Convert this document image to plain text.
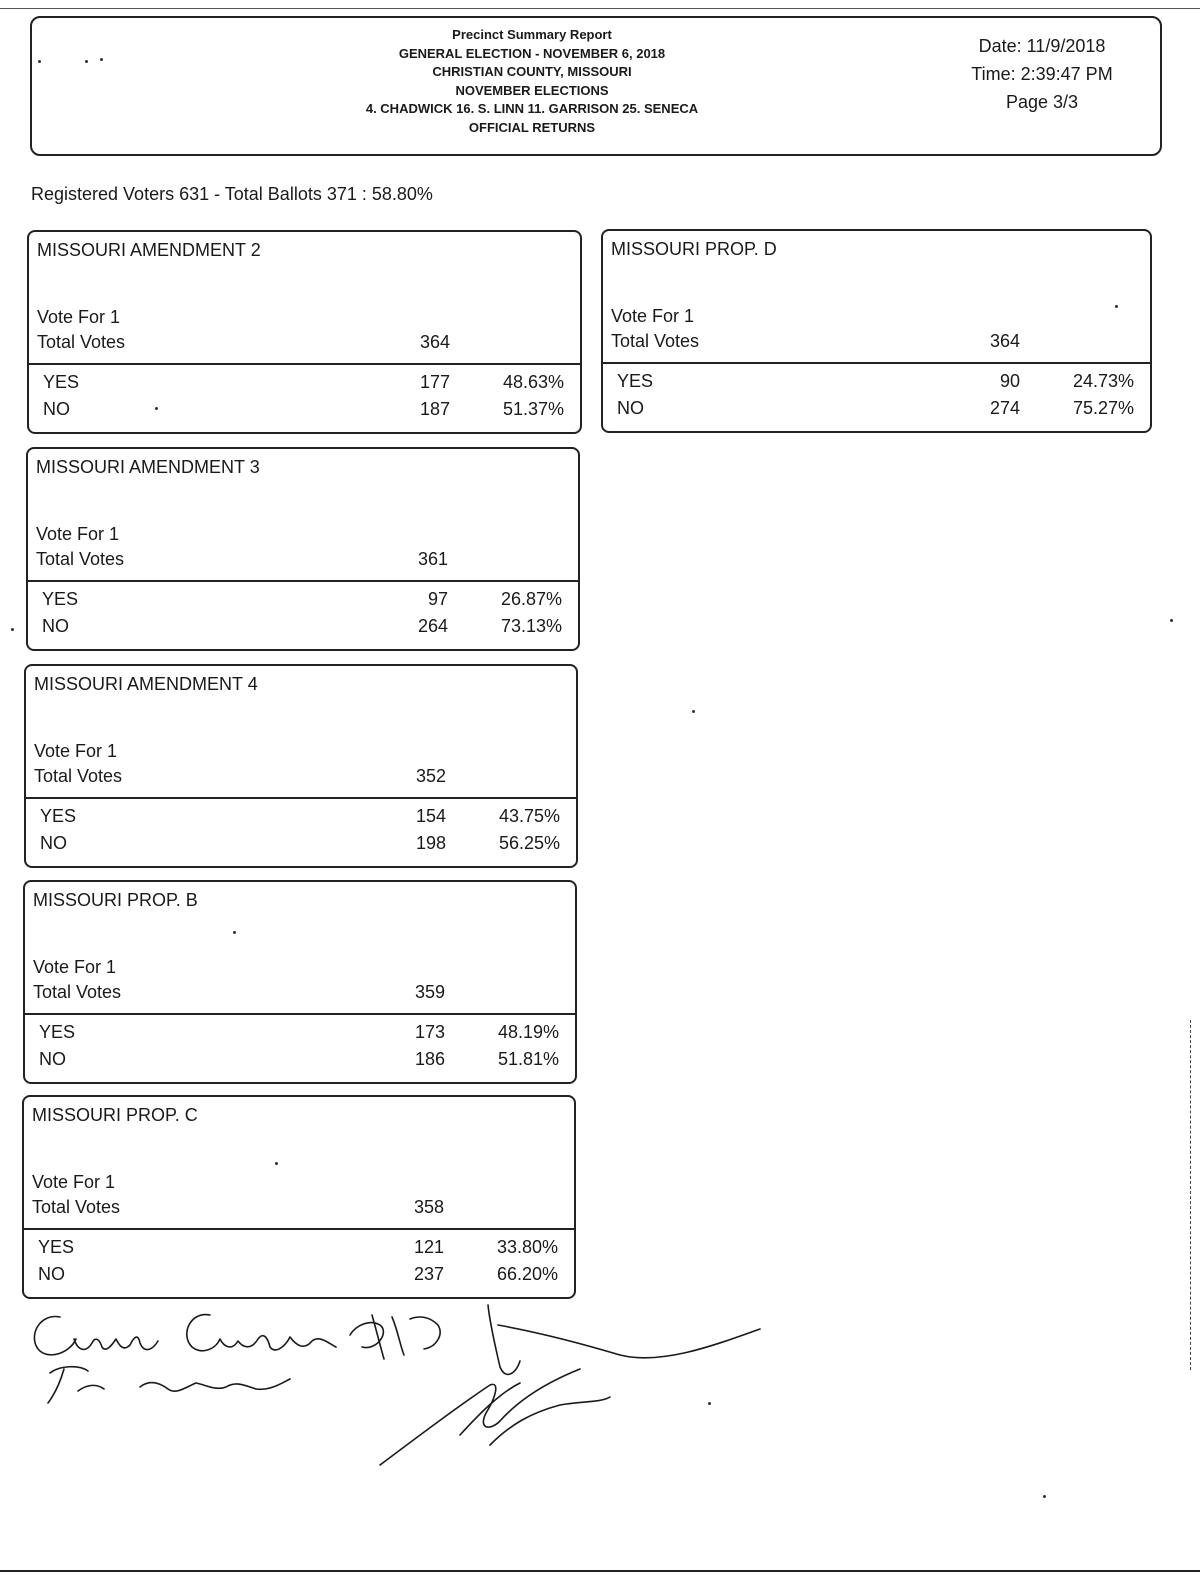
Precinct Summary Report
GENERAL ELECTION - NOVEMBER 6, 2018
CHRISTIAN COUNTY, MISSOURI
NOVEMBER ELECTIONS
4. CHADWICK 16. S. LINN 11. GARRISON 25. SENECA
OFFICIAL RETURNS
Date: 11/9/2018
Time: 2:39:47 PM
Page 3/3
Registered Voters 631 - Total Ballots 371 : 58.80%
MISSOURI AMENDMENT 2
Vote For 1
Total Votes	364
YES	177	48.63%
NO	187	51.37%
MISSOURI PROP. D
Vote For 1
Total Votes	364
YES	90	24.73%
NO	274	75.27%
MISSOURI AMENDMENT 3
Vote For 1
Total Votes	361
YES	97	26.87%
NO	264	73.13%
MISSOURI AMENDMENT 4
Vote For 1
Total Votes	352
YES	154	43.75%
NO	198	56.25%
MISSOURI PROP. B
Vote For 1
Total Votes	359
YES	173	48.19%
NO	186	51.81%
MISSOURI PROP. C
Vote For 1
Total Votes	358
YES	121	33.80%
NO	237	66.20%
